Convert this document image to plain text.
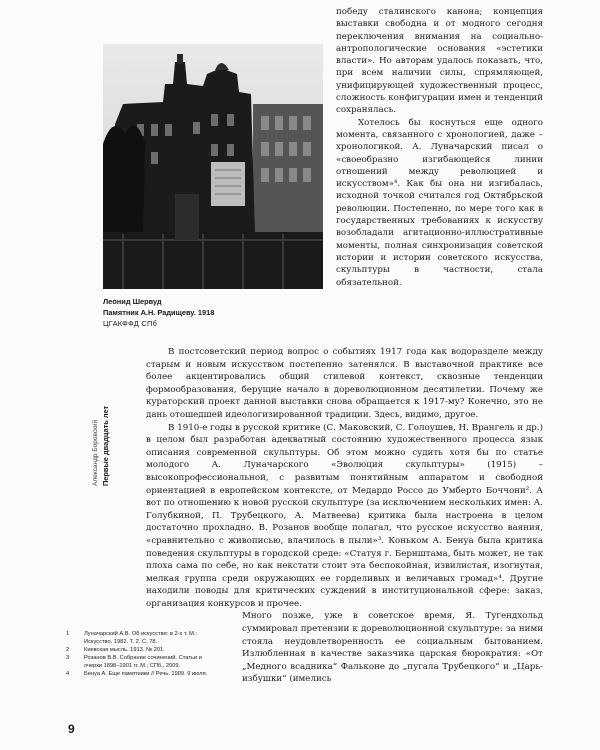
Леонид Шервуд
Памятник А.Н. Радищеву. 1918
ЦГАКФФД СПб

победу сталинского канона; концепция выставки свободна и от модного сегодня переключения внимания на социально-антропологические основания «эстетики власти». Но авторам удалось показать, что, при всем наличии силы, спрямляющей, унифицирующей художественный процесс, сложность конфигурации имен и тенденций сохранялась.

Хотелось бы коснуться еще одного момента, связанного с хронологией, даже – хронологикой. А. Луначарский писал о «своеобразно изгибающейся линии отношений между революцией и искусством»⁴. Как бы она ни изгибалась, исходной точкой считался год Октябрьской революции. Постепенно, по мере того как в государственных требованиях к искусству возобладали агитационно-иллюстративные моменты, полная синхронизация советской истории и истории советского искусства, скульптуры в частности, стала обязательной.

Александр Боровский Первые двадцать лет

В постсоветский период вопрос о событиях 1917 года как водоразделе между старым и новым искусством постепенно затенялся. В выставочной практике все более акцентировались общий стилевой контекст, сквозные тенденции формообразования, берущие начало в дореволюционном десятилетии. Почему же кураторский проект данной выставки снова обращается к 1917-му? Конечно, это не дань отошедшей идеологизированной традиции. Здесь, видимо, другое.

В 1910-е годы в русской критике (С. Маковский, С. Голоушев, Н. Врангель и др.) в целом был разработан адекватный состоянию художественного процесса язык описания современной скульптуры. Об этом можно судить хотя бы по статье молодого А. Луначарского «Эволюция скульптуры» (1915) – высокопрофессиональной, с развитым понятийным аппаратом и свободной ориентацией в европейском контексте, от Медардо Россо до Умберто Боччони². А вот по отношению к новой русской скульптуре (за исключением нескольких имен: А. Голубкиной, П. Трубецкого, А. Матвеева) критика была настроена в целом достаточно прохладно. В. Розанов вообще полагал, что русское искусство ваяния, «сравнительно с живописью, влачилось в пыли»³. Коньком А. Бенуа была критика поведения скульптуры в городской среде: «Статуя г. Бернштама, быть может, не так плоха сама по себе, но как некстати стоит эта беспокойная, извилистая, изогнутая, мелкая группа среди окружающих ее горделивых и величавых громад»⁴. Другие находили поводы для критических суждений в институциональной сфере: заказ, организация конкурсов и прочее.

Много позже, уже в советское время, Я. Тугендхольд суммировал претензии к дореволюционной скульптуре: за ними стояла неудовлетворенность ее социальным бытованием. Излюбленная в качестве заказчика царская бюрократия: «От „Медного всадника“ Фальконе до „пугала Трубецкого“ и „Царь-избушки“ (имелись

1	Луначарский А.В. Об искусстве: в 2-х т. М.: Искусство, 1982. Т. 2. С. 78.
2	Киевская мысль. 1913. № 201.
3	Розанов В.В. Собрание сочинений. Статьи и очерки 1898–1901 гг. М.; СПб., 2009.
4	Бенуа А. Еще памятники // Речь. 1909. 9 июля.
9
